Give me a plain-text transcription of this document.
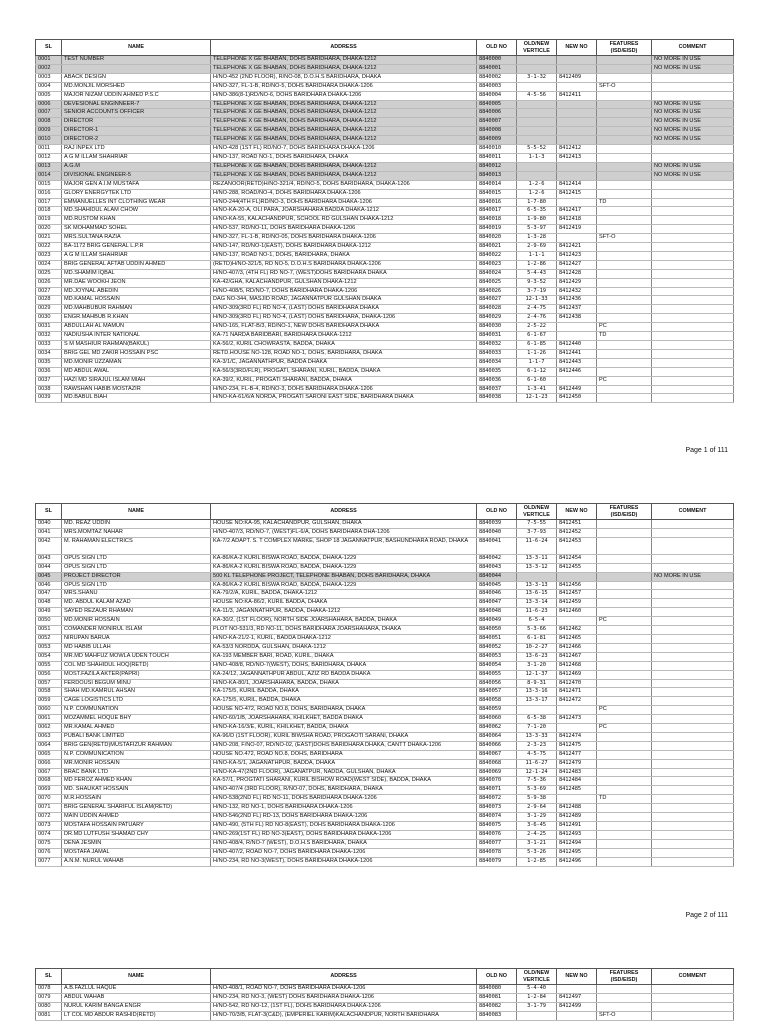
SL	NAME	ADDRESS	OLD NO	OLD/NEW VERTICLE	NEW NO	FEATURES (ISD/EISD)	COMMENT
0001	TEST NUMBER	TELEPHONE X GE BHABAN, DOHS BARIDHARA, DHAKA-1212	8840000				NO MORE IN USE
0002		TELEPHONE X GE BHABAN, DOHS BARIDHARA, DHAKA-1212	8840001				NO MORE IN USE
0003	ABACK DESIGN	H/NO-452 (2ND FLOOR), R/NO-08, D.O.H.S BARIDHARA, DHAKA	8840002	3-1-32	8412409		
0004	MD.MONJIL MORSHED	H/NO-327, FL-1-B, RD/NO-5, DOHS BARIDHARA DHAKA-1206	8840003			SFT-O	
0005	MAJOR NIZAM UDDIN AHMED P.S.C	H/NO-386(8-1)RD/NO-6, DOHS BARIDHARA DHAKA-1206	8840004	4-5-56	8412411		
0006	DEVESIONAL ENGINNEER-7	TELEPHONE X GE BHABAN, DOHS BARIDHARA, DHAKA-1212	8840005				NO MORE IN USE
0007	SENIOR ACCOUNTS OFFICER	TELEPHONE X GE BHABAN, DOHS BARIDHARA, DHAKA-1212	8840006				NO MORE IN USE
0008	DIRECTOR	TELEPHONE X GE BHABAN, DOHS BARIDHARA, DHAKA-1212	8840007				NO MORE IN USE
0009	DIRECTOR-1	TELEPHONE X GE BHABAN, DOHS BARIDHARA, DHAKA-1212	8840008				NO MORE IN USE
0010	DIRECTOR-2	TELEPHONE X GE BHABAN, DOHS BARIDHARA, DHAKA-1212	8840009				NO MORE IN USE
0011	RAJ INPEX LTD	H/NO-428 (1ST FL) RD/NO-7, DOHS BARIDHARA DHAKA-1206	8840010	5-5-52	8412412		
0012	A G M ILLAM SHAHRIAR	H/NO-137, ROAD NO-1, DOHS BARIDHARA, DHAKA	8840011	1-1-3	8412413		
0013	A.G.M	TELEPHONE X GE BHABAN, DOHS BARIDHARA, DHAKA-1212	8840012				NO MORE IN USE
0014	DIVISIONAL ENGINEER-5	TELEPHONE X GE BHABAN, DOHS BARIDHARA, DHAKA-1212	8840013				NO MORE IN USE
0015	MAJOR GEN A.I.M MUSTAFA	REZANOOR(RETD)H/NO-321/4, RD/NO-5, DOHS BARIDHARA, DHAKA-1206	8840014	1-2-6	8412414		
0016	GLORY ENERGYTEK LTD	H/NO-288, ROAD/NO-4, DOHS BARIDHARA DHAKA-1206	8840015	1-2-6	8412415		
0017	EMMANUELLES INT CLOTHING WEAR	H/NO-244(4TH FL)RD/NO-3, DOHS BARIDHARA DHAKA-1206	8840016	1-7-80		TD	
0018	MD.SHAHIDUL ALAM CHOW	H/NO-KA-20-A, OLI PARA, JOARSHAHARA BADDA DHAKA-1212	8840017	6-5-35	8412417		
0019	MD.RUSTOM KHAN	H/NO-KA-55, KALACHANDPUR, SCHOOL RD GULSHAN DHAKA-1212	8840018	1-9-80	8412418		
0020	SK MOHAMMAD SOHEL	H/NO-537, RD/NO-11, DOHS BARIDHARA DHAKA-1206	8840019	5-3-97	8412419		
0021	MRS.SULTANA RAZIA	H/NO-327, FL-1-B, RD/NO-05, DOHS BARIDHARA DHAKA-1206	8840020	1-3-28		SFT-O	
0022	BA-1172 BRIG GENERAL L.P.R	H/NO-147, RD/NO-1(EAST), DOHS BARIDHARA DHAKA-1212	8840021	2-9-69	8412421		
0023	A G M ILLAM SHAHRIAR	H/NO-137, ROAD NO-1, DOHS, BARIDHARA, DHAKA	8840022	1-1-1	8412423		
0024	BRIG GENERAL AFTAB UDDIN AHMED	(RETD)H/NO-321/5, RD NO-5, D.O.H.S BARIDHARA DHAKA-1206	8840023	1-2-86	8412427		
0025	MD.SHAMIM IQBAL	H/NO-407/3, (4TH FL) RD NO-7, (WEST)DOHS BARIDHARA DHAKA	8840024	5-4-43	8412428		
0026	MR.DAE WOOKH JEON	KA-42/GHA, KALACHANDPUR, GULSHAN DHAKA-1212	8840025	9-3-52	8412429		
0027	MD.JOYNAL ABEDIN	H/NO-408/5, RD/NO-7, DOHS BARIDHARA DHAKA-1206	8840026	3-7-19	8412432		
0028	MD.KAMAL HOSSAIN	DAG NO-344, MASJID ROAD, JAGANNATPUR GULSHAN DHAKA	8840027	12-1-33	8412436		
0029	MD.MAHBUBUR RAHMAN	H/NO-309(3RD FL) RD NO-4, (LAST) DOHS BARIDHARA DHAKA	8840028	2-4-75	8412437		
0030	ENGR.MAHBUB R.KHAN	H/NO-309(3RD FL) RD NO-4, (LAST) DOHS BARIDHARA, DHAKA-1206	8840029	2-4-76	8412438		
0031	ABDULLAH AL MAMUN	H/NO-165, FLAT-B/3, RD/NO-1, NEW DOHS BARIDHARA DHAKA	8840030	2-5-22		PC	
0032	NADIUSHA INTER NATIONAL	KA-71 NARDA BARIDBARI, BARIDHARA DHAKA-1212	8840031	6-1-67		TD	
0033	S M MASHIUR RAHMAN(BAKUL)	KA-56/2, KURIL CHOWRASTA, BADDA, DHAKA	8840032	6-1-85	8412440		
0034	BRIG GEL MD ZAKIR HOSSAIN PSC	RETD.HOUSE NO-128, ROAD NO-1, DOHS, BARIDHARA, DHAKA	8840033	1-1-26	8412441		
0035	MD.MONIR UZZAMAN	KA-3/1/C, JAGANNATHPUR, BADDA DHAKA	8840034	1-1-7	8412443		
0036	MD ABDUL AWAL	KA-56/3(3RD/FLR), PROGATI, SHARANI, KURIL, BADDA, DHAKA	8840035	6-1-12	8412446		
0037	HAZI MD SIRAJUL ISLAM MIAH	KA-39/2, KURIL, PROGATI SHARANI, BADDA, DHAKA	8840036	6-1-60		PC	
0038	RAWSHAN HABIB MOSTAZIR	H/NO-234, FL-B-4, RD/NO-3, DOHS BARIDHARA DHAKA-1206	8840037	1-3-41	8412449		
0039	MD.BABUL BIAH	H/NO-KA-61/6/A NORDA, PROGATI SARONI EAST SIDE, BARIDHARA DHAKA	8840038	12-1-23	8412450		
Page 1 of 111
SL	NAME	ADDRESS	OLD NO	OLD/NEW VERTICLE	NEW NO	FEATURES (ISD/EISD)	COMMENT
0040	MD. REAZ UDDIN	HOUSE NO:KA-95, KALACHANDPUR, GULSHAN, DHAKA	8840039	7-5-55	8412451		
0041	MRS.MOMTAZ NAHAR	H/NO-407/3, RD/NO-7, (WEST)FL-6/A, DOHS BARIDHARA DHA-1206	8840040	3-7-93	8412452		
0042	M. RAHAMAN ELECTRICS	KA-7/2 ADAPT. S. T COMPLEX MARKE, SHOP 18 JAGANNATPUR, BASHUNDHARA ROAD, DHAKA	8840041	11-6-24	8412453		
0043	OPUS SIGN LTD	KA-86/KA-2 KURIL BISWA ROAD, BADDA, DHAKA-1229	8840042	13-3-11	8412454		
0044	OPUS SIGN LTD	KA-86/KA-2 KURIL BISWA ROAD, BADDA, DHAKA-1229	8840043	13-3-12	8412455		
0045	PROJECT DIRECTOR	500 KL TELEPHONE PROJECT, TELEPHONE BHABAN, DOHS BARIDHARA, DHAKA	8840044				NO MORE IN USE
0046	OPUS SIGN LTD	KA-86/KA-2 KURIL BISWA ROAD, BADDA, DHAKA-1229	8840045	13-3-13	8412456		
0047	MRS.SHANU	KA-79/2/A, KURIL, BADDA, DHAKA-1212	8840046	13-6-15	8412457		
0048	MD. ABDUL KALAM AZAD	HOUSE NO:KA-86/2, KURIL BADDA, DHAKA	8840047	13-3-14	8412459		
0049	SAYED REZAUR RHAMAN	KA-11/3, JAGANNATHPUR, BADDA, DHAKA-1212	8840048	11-6-23	8412460		
0050	MD.MONIR HOSSAIN	KA-30/2, (1ST FLOOR), NORTH SIDE JOARSHAHARA, BADDA, DHAKA	8840049	6-5-4		PC	
0051	COMANDER MONIRUL ISLAM	PLOT NO-531/3, RD NO-11, DOHS BARIDHARA JOARSHAHARA, DHAKA	8840050	5-3-66	8412462		
0052	NIRUPAN BARUA	H/NO-KA-21/2-1, KURIL, BADDA DHAKA-1212	8840051	6-1-81	8412465		
0053	MD HABIB ULLAH	KA-53/3 NORDDA, GULSHAN, DHAKA-1212	8840052	10-2-27	8412466		
0054	MR.MD MAHFUZ MOWLA UDEN TOUCH	KA-193 MEMBER BARI, ROAD, KURIL, DHAKA	8840053	13-6-23	8412467		
0055	COL MD SHAHIDUL HOQ(RETD)	H/NO-408/8, RD/NO-7(WEST), DOHS, BARIDHARA, DHAKA	8840054	3-1-20	8412468		
0056	MOST.FAZILA AKTER(PAPRI)	KA-24/12, JAGANNATHPUR ABDUL, AZIZ RD BADDA DHAKA	8840055	12-1-37	8412469		
0057	FERDOUSI BEGUM MINU	H/NO-KA-80/1, JOARSHAHARA, BADDA, DHAKA	8840056	8-9-31	8412470		
0058	SHAH MD.KAMRUL AHSAN	KA-175/5, KURIL BADDA, DHAKA	8840057	13-3-16	8412471		
0059	CAGE LOGISTICS LTD	KA-175/5, KURIL, BADDA, DHAKA	8840058	13-3-17	8412472		
0060	N.P. COMMUNATION	HOUSE NO-472, ROAD NO.8, DOHS, BARIDHARA, DHAKA	8840059			PC	
0061	MOZAMMEL HOQUE BHY	H/NO-60/1/B, JOARSHAHARA, KHILKHET, BADDA DHAKA	8840060	6-5-38	8412473		
0062	MR.KAMAL AHMED	H/NO-KA-16/3/E, KURIL, KHILKHET, BADDA, DHAKA	8840062	7-1-20		PC	
0063	PUBALI BANK LIMITED	KA-96/D (1ST FLOOR), KURIL BIWSHA ROAD, PROGAOTI SARANI, DHAKA	8840064	13-3-33	8412474		
0064	BRIG GEN(RETD)MUSTAFIZUR RAHMAN	H/NO-208, F/NO-07, RD/NO-02, (EAST)DOHS BARIDHARA DHAKA, CANTT DHAKA-1206	8840066	2-3-23	8412475		
0065	N.P. COMMUNICATION	HOUSE NO.472, ROAD NO.8, DOHS, BARIDHARA	8840067	4-5-75	8412477		
0066	MR.MONIR HOSSAIN	H/NO-KA-5/1, JAGANATHPUR, BADDA, DHAKA	8840068	11-6-27	8412479		
0067	BRAC BANK LTD	H/NO-KA-47(2ND FLOOR), JAGANATPUR, NADDA, GULSHAN, DHAKA	8840069	12-1-24	8412483		
0068	MD FEROZ AHMED KHAN	KA-57/1, PROGTATI SHARANI, KURIL BISHOW ROAD(WEST SIDE), BADDA, DHAKA	8840070	7-5-36	8412484		
0069	MD. SHAUKAT HOSSAIN	H/NO-407/4 (3RD FLOOR), R/NO-07, DOHS, BARIDHARA, DHAKA	8840071	5-3-69	8412485		
0070	M.R.HOSSAIN	H/NO-538(2ND FL) RD NO-11, DOHS BARIDHARA DHAKA-1206	8840072	5-9-38		TD	
0071	BRIG GENERAL SHARIFUL ISLAM(RETD)	H/NO-132, RD NO-1, DOHS BARIDHARA DHAKA-1206	8840073	2-9-64	8412488		
0072	MAIN UDDIN AHMED	H/NO-546(2ND FL) RD-13, DOHS BARIDHARA DHAKA-1206	8840074	3-1-29	8412489		
0073	MOSTAFA HOSSAIN PATUARY	H/NO-490, (5TH FL) RD NO-8(EAST), DOHS BARIDHARA DHAKA-1206	8840075	3-6-45	8412491		
0074	DR.MD LUTFUSH SHAMAD CHY	H/NO-269(1ST FL) RD NO-3(EAST), DOHS BARIDHARA DHAKA-1206	8840076	2-4-25	8412493		
0075	DENA JESMIN	H/NO-408/4, R/NO-7 (WEST), D.O.H.S BARIDHARA, DHAKA	8840077	3-1-21	8412494		
0076	MOSTAFA JAMAL	H/NO-407/2, ROAD NO-7, DOHS BARIDHARA DHAKA-1206	8840078	5-3-26	8412495		
0077	A.N.M. NURUL WAHAB	H/NO-234, RD NO-3(WEST), DOHS BARIDHARA DHAKA-1206	8840079	1-2-85	8412496		
Page 2 of 111
SL	NAME	ADDRESS	OLD NO	OLD/NEW VERTICLE	NEW NO	FEATURES (ISD/EISD)	COMMENT
0078	A.B.FAZLUL HAQUE	H/NO-408/1, ROAD NO-7, DOHS BARIDHARA DHAKA-1206	8840080	5-4-40			
0079	ABDUL WAHAB	H/NO-234, RD NO-3, (WEST) DOHS BARIDHARA DHAKA-1206	8840081	1-2-84	8412497		
0080	NURUL KARIM BANGA ENGR	H/NO-542, RD NO-12, (1ST FL), DOHS BARIDHARA DHAKA-1206	8840082	3-1-79	8412499		
0081	LT COL MD ABDUR RASHID(RETD)	H/NO-70/3/B, FLAT-3(C&D), (EMPERIEL KARIM)KALACHANDPUR, NORTH BARIDHARA	8840083			SFT-O	
